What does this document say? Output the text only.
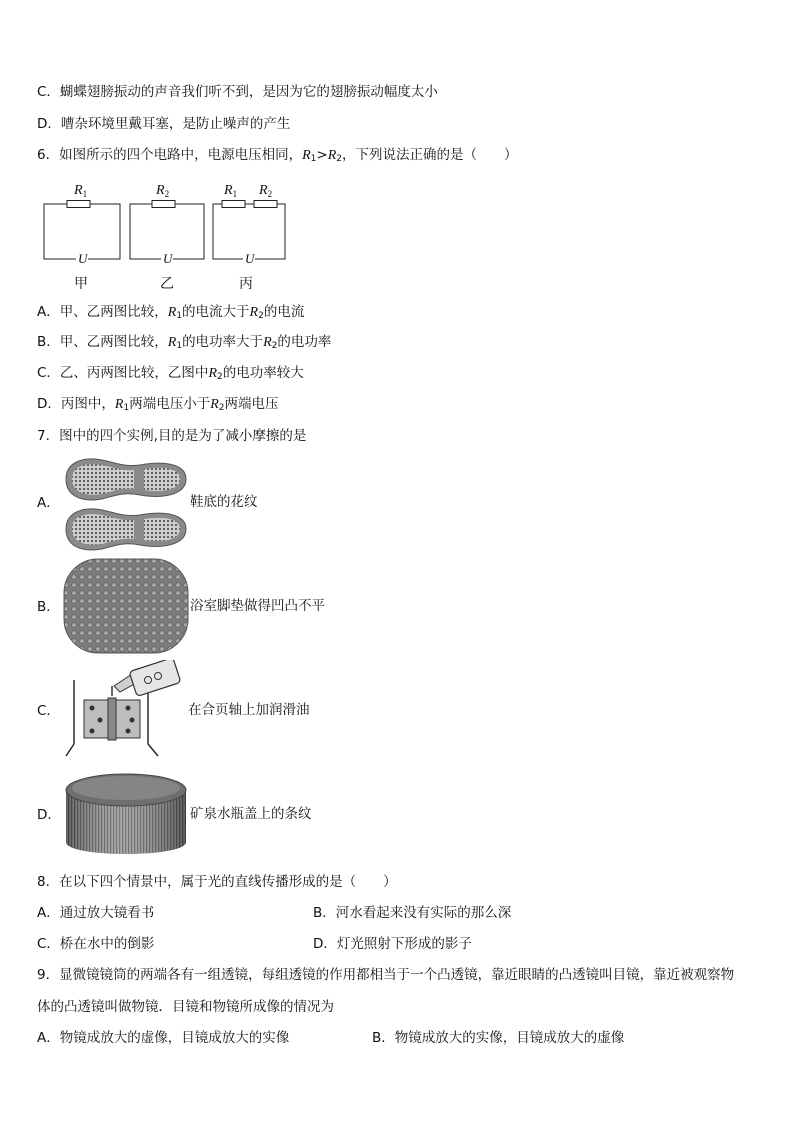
C．蝴蝶翅膀振动的声音我们听不到，是因为它的翅膀振动幅度太小
D．嘈杂环境里戴耳塞，是防止噪声的产生
6．如图所示的四个电路中，电源电压相同，$R_1>R_2$，下列说法正确的是（　　）
$R_1$	$R_2$	$R_1$ $R_2$
U	U	U
甲	乙	丙
A．甲、乙两图比较，$R_1$的电流大于$R_2$的电流
B．甲、乙两图比较，$R_1$的电功率大于$R_2$的电功率
C．乙、丙两图比较，乙图中$R_2$的电功率较大
D．丙图中，$R_1$两端电压小于$R_2$两端电压
7．图中的四个实例,目的是为了减小摩擦的是
A．	鞋底的花纹
B．	浴室脚垫做得凹凸不平
C．	在合页轴上加润滑油
D．	矿泉水瓶盖上的条纹
8．在以下四个情景中，属于光的直线传播形成的是（　　）
A．通过放大镜看书	B．河水看起来没有实际的那么深
C．桥在水中的倒影	D．灯光照射下形成的影子
9．显微镜镜筒的两端各有一组透镜，每组透镜的作用都相当于一个凸透镜，靠近眼睛的凸透镜叫目镜，靠近被观察物
体的凸透镜叫做物镜．目镜和物镜所成像的情况为
A．物镜成放大的虚像，目镜成放大的实像	B．物镜成放大的实像，目镜成放大的虚像
